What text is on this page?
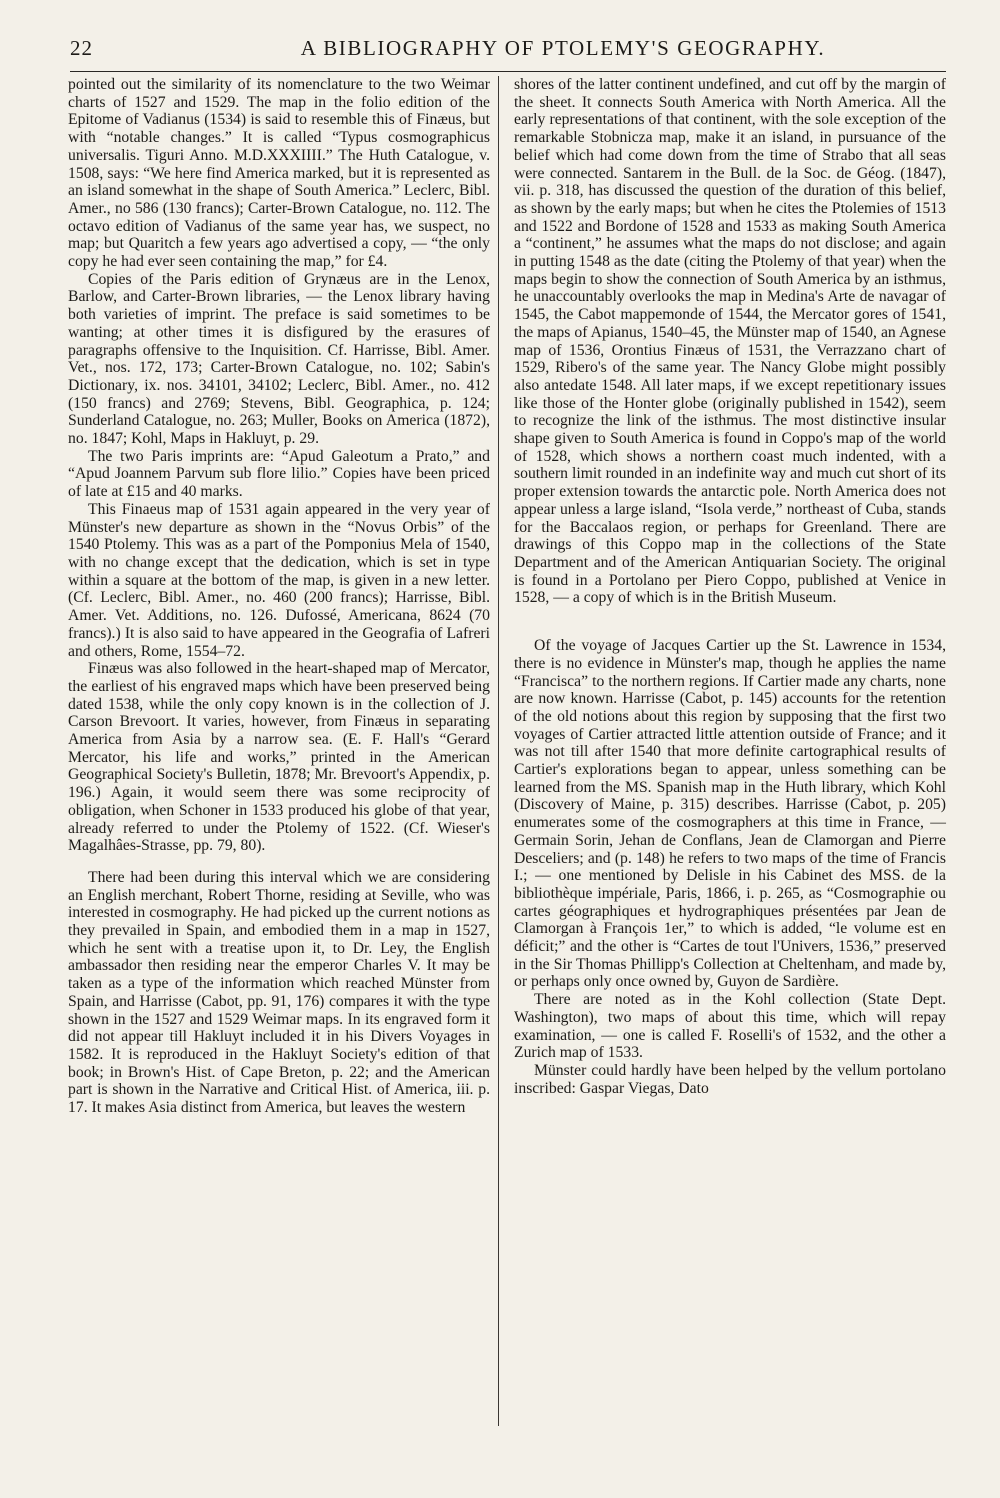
22	A BIBLIOGRAPHY OF PTOLEMY'S GEOGRAPHY.

pointed out the similarity of its nomenclature to the two Weimar charts of 1527 and 1529. The map in the folio edition of the Epitome of Vadianus (1534) is said to resemble this of Finæus, but with “notable changes.” It is called “Typus cosmographicus universalis. Tiguri Anno. M.D.XXXIIII.” The Huth Catalogue, v. 1508, says: “We here find America marked, but it is represented as an island somewhat in the shape of South America.” Leclerc, Bibl. Amer., no 586 (130 francs); Carter-Brown Catalogue, no. 112. The octavo edition of Vadianus of the same year has, we suspect, no map; but Quaritch a few years ago advertised a copy, — “the only copy he had ever seen containing the map,” for £4.

Copies of the Paris edition of Grynæus are in the Lenox, Barlow, and Carter-Brown libraries, — the Lenox library having both varieties of imprint. The preface is said sometimes to be wanting; at other times it is disfigured by the erasures of paragraphs offensive to the Inquisition. Cf. Harrisse, Bibl. Amer. Vet., nos. 172, 173; Carter-Brown Catalogue, no. 102; Sabin's Dictionary, ix. nos. 34101, 34102; Leclerc, Bibl. Amer., no. 412 (150 francs) and 2769; Stevens, Bibl. Geographica, p. 124; Sunderland Catalogue, no. 263; Muller, Books on America (1872), no. 1847; Kohl, Maps in Hakluyt, p. 29.

The two Paris imprints are: “Apud Galeotum a Prato,” and “Apud Joannem Parvum sub flore lilio.” Copies have been priced of late at £15 and 40 marks.

This Finaeus map of 1531 again appeared in the very year of Münster's new departure as shown in the “Novus Orbis” of the 1540 Ptolemy. This was as a part of the Pomponius Mela of 1540, with no change except that the dedication, which is set in type within a square at the bottom of the map, is given in a new letter. (Cf. Leclerc, Bibl. Amer., no. 460 (200 francs); Harrisse, Bibl. Amer. Vet. Additions, no. 126. Dufossé, Americana, 8624 (70 francs).) It is also said to have appeared in the Geografia of Lafreri and others, Rome, 1554–72.

Finæus was also followed in the heart-shaped map of Mercator, the earliest of his engraved maps which have been preserved being dated 1538, while the only copy known is in the collection of J. Carson Brevoort. It varies, however, from Finæus in separating America from Asia by a narrow sea. (E. F. Hall's “Gerard Mercator, his life and works,” printed in the American Geographical Society's Bulletin, 1878; Mr. Brevoort's Appendix, p. 196.) Again, it would seem there was some reciprocity of obligation, when Schoner in 1533 produced his globe of that year, already referred to under the Ptolemy of 1522. (Cf. Wieser's Magalhâes-Strasse, pp. 79, 80).

There had been during this interval which we are considering an English merchant, Robert Thorne, residing at Seville, who was interested in cosmography. He had picked up the current notions as they prevailed in Spain, and embodied them in a map in 1527, which he sent with a treatise upon it, to Dr. Ley, the English ambassador then residing near the emperor Charles V. It may be taken as a type of the information which reached Münster from Spain, and Harrisse (Cabot, pp. 91, 176) compares it with the type shown in the 1527 and 1529 Weimar maps. In its engraved form it did not appear till Hakluyt included it in his Divers Voyages in 1582. It is reproduced in the Hakluyt Society's edition of that book; in Brown's Hist. of Cape Breton, p. 22; and the American part is shown in the Narrative and Critical Hist. of America, iii. p. 17. It makes Asia distinct from America, but leaves the western

shores of the latter continent undefined, and cut off by the margin of the sheet. It connects South America with North America. All the early representations of that continent, with the sole exception of the remarkable Stobnicza map, make it an island, in pursuance of the belief which had come down from the time of Strabo that all seas were connected. Santarem in the Bull. de la Soc. de Géog. (1847), vii. p. 318, has discussed the question of the duration of this belief, as shown by the early maps; but when he cites the Ptolemies of 1513 and 1522 and Bordone of 1528 and 1533 as making South America a “continent,” he assumes what the maps do not disclose; and again in putting 1548 as the date (citing the Ptolemy of that year) when the maps begin to show the connection of South America by an isthmus, he unaccountably overlooks the map in Medina's Arte de navagar of 1545, the Cabot mappemonde of 1544, the Mercator gores of 1541, the maps of Apianus, 1540–45, the Münster map of 1540, an Agnese map of 1536, Orontius Finæus of 1531, the Verrazzano chart of 1529, Ribero's of the same year. The Nancy Globe might possibly also antedate 1548. All later maps, if we except repetitionary issues like those of the Honter globe (originally published in 1542), seem to recognize the link of the isthmus. The most distinctive insular shape given to South America is found in Coppo's map of the world of 1528, which shows a northern coast much indented, with a southern limit rounded in an indefinite way and much cut short of its proper extension towards the antarctic pole. North America does not appear unless a large island, “Isola verde,” northeast of Cuba, stands for the Baccalaos region, or perhaps for Greenland. There are drawings of this Coppo map in the collections of the State Department and of the American Antiquarian Society. The original is found in a Portolano per Piero Coppo, published at Venice in 1528, — a copy of which is in the British Museum.

Of the voyage of Jacques Cartier up the St. Lawrence in 1534, there is no evidence in Münster's map, though he applies the name “Francisca” to the northern regions. If Cartier made any charts, none are now known. Harrisse (Cabot, p. 145) accounts for the retention of the old notions about this region by supposing that the first two voyages of Cartier attracted little attention outside of France; and it was not till after 1540 that more definite cartographical results of Cartier's explorations began to appear, unless something can be learned from the MS. Spanish map in the Huth library, which Kohl (Discovery of Maine, p. 315) describes. Harrisse (Cabot, p. 205) enumerates some of the cosmographers at this time in France, — Germain Sorin, Jehan de Conflans, Jean de Clamorgan and Pierre Desceliers; and (p. 148) he refers to two maps of the time of Francis I.; — one mentioned by Delisle in his Cabinet des MSS. de la bibliothèque impériale, Paris, 1866, i. p. 265, as “Cosmographie ou cartes géographiques et hydrographiques présentées par Jean de Clamorgan à François 1er,” to which is added, “le volume est en déficit;” and the other is “Cartes de tout l'Univers, 1536,” preserved in the Sir Thomas Phillipp's Collection at Cheltenham, and made by, or perhaps only once owned by, Guyon de Sardière.

There are noted as in the Kohl collection (State Dept. Washington), two maps of about this time, which will repay examination, — one is called F. Roselli's of 1532, and the other a Zurich map of 1533.

Münster could hardly have been helped by the vellum portolano inscribed: Gaspar Viegas, Dato
